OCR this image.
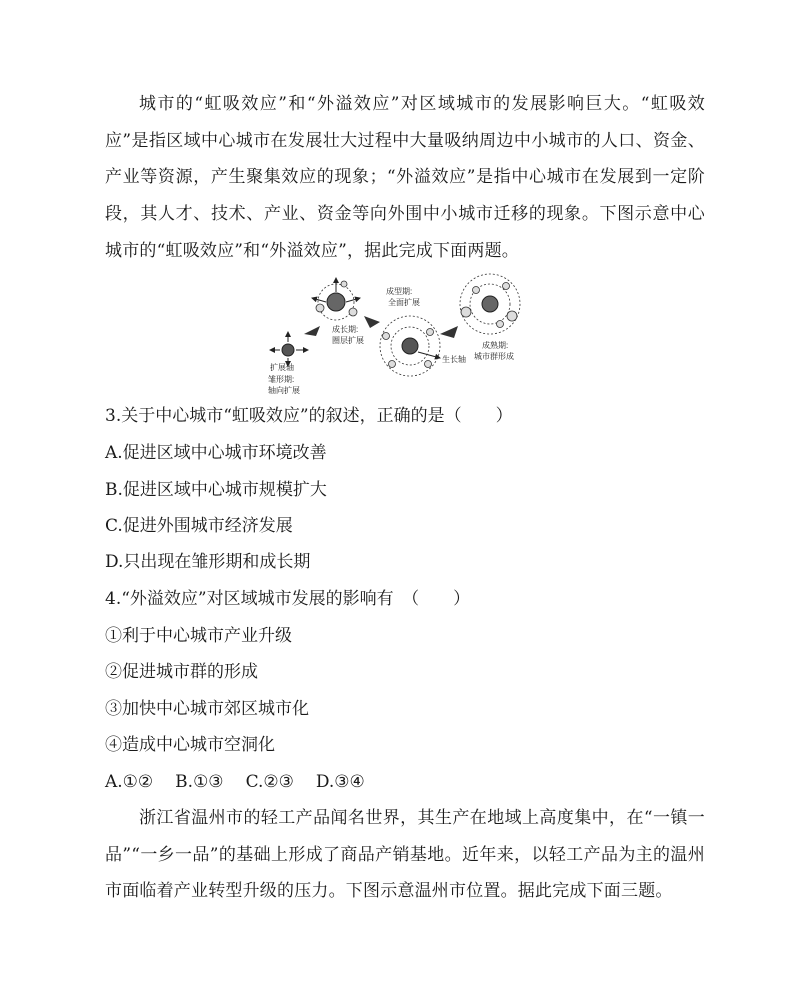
城市的“虹吸效应”和“外溢效应”对区域城市的发展影响巨大。“虹吸效应”是指区域中心城市在发展壮大过程中大量吸纳周边中小城市的人口、资金、产业等资源，产生聚集效应的现象；“外溢效应”是指中心城市在发展到一定阶段，其人才、技术、产业、资金等向外围中小城市迁移的现象。下图示意中心城市的“虹吸效应”和“外溢效应”，据此完成下面两题。

扩展轴
雏形期:
轴向扩展
成长期:
圈层扩展
成型期:
全面扩展
生长轴
成熟期:
城市群形成
3.关于中心城市“虹吸效应”的叙述，正确的是（　　）
A.促进区域中心城市环境改善
B.促进区域中心城市规模扩大
C.促进外围城市经济发展
D.只出现在雏形期和成长期
4.“外溢效应”对区域城市发展的影响有　（　　）
①利于中心城市产业升级
②促进城市群的形成
③加快中心城市郊区城市化
④造成中心城市空洞化
A.①② B.①③ C.②③ D.③④

浙江省温州市的轻工产品闻名世界，其生产在地域上高度集中，在“一镇一品”“一乡一品”的基础上形成了商品产销基地。近年来，以轻工产品为主的温州市面临着产业转型升级的压力。下图示意温州市位置。据此完成下面三题。
